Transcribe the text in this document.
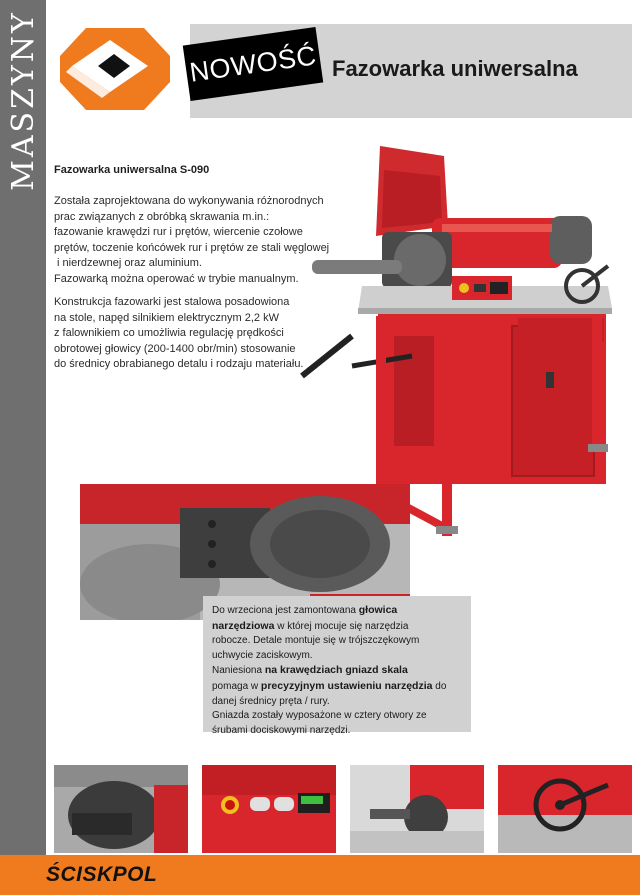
MASZYNY	NOWOŚĆ Fazowarka uniwersalna
Fazowarka uniwersalna S-090
Została zaprojektowana do wykonywania różnorodnych
prac związanych z obróbką skrawania m.in.:
fazowanie krawędzi rur i prętów, wiercenie czołowe
prętów, toczenie końcówek rur i prętów ze stali węglowej
i nierdzewnej oraz aluminium.
Fazowarką można operować w trybie manualnym.
Konstrukcja fazowarki jest stalowa posadowiona
na stole, napęd silnikiem elektrycznym 2,2 kW
z falownikiem co umożliwia regulację prędkości
obrotowej głowicy (200-1400 obr/min) stosowanie
do średnicy obrabianego detalu i rodzaju materiału.
Do wrzeciona jest zamontowana głowica
narzędziowa w której mocuje się narzędzia
robocze. Detale montuje się w trójszczękowym
uchwycie zaciskowym.
Naniesiona na krawędziach gniazd skala
pomaga w precyzyjnym ustawieniu narzędzia do
danej średnicy pręta / rury.
Gniazda zostały wyposażone w cztery otwory ze
śrubami dociskowymi narzędzi.
ŚCISKPOL
